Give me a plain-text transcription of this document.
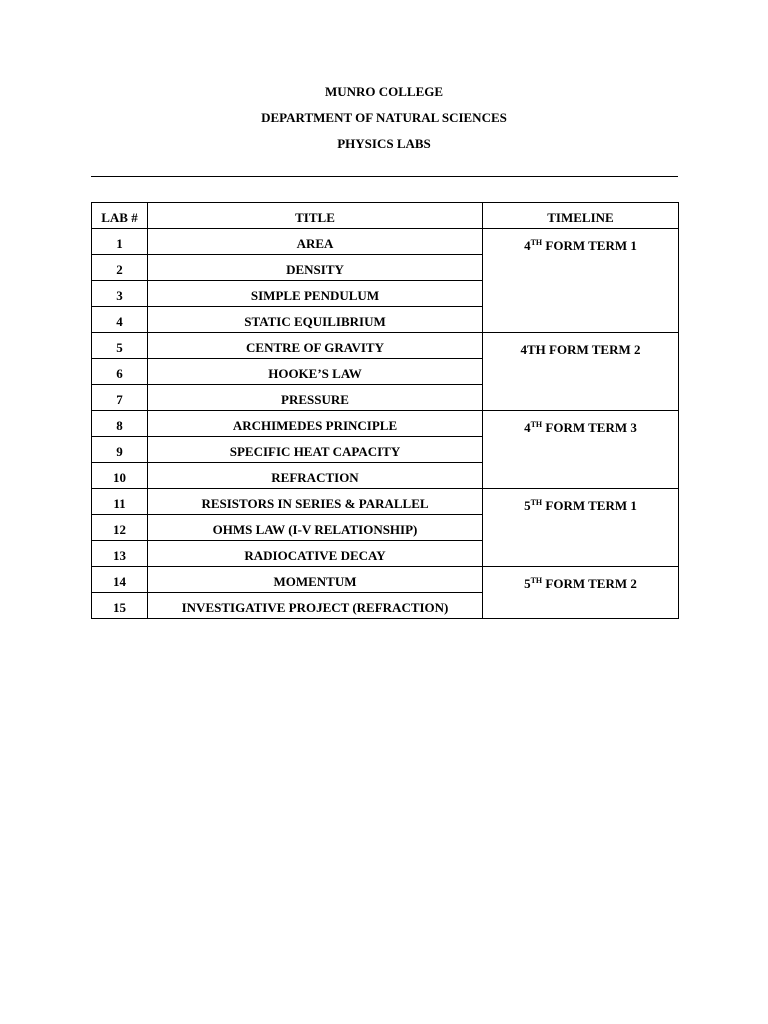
MUNRO COLLEGE
DEPARTMENT OF NATURAL SCIENCES
PHYSICS LABS
LAB #	TITLE	TIMELINE
1	AREA	4TH FORM TERM 1
2	DENSITY	
3	SIMPLE PENDULUM	
4	STATIC EQUILIBRIUM	
5	CENTRE OF GRAVITY	4TH FORM TERM 2
6	HOOKE’S LAW	
7	PRESSURE	
8	ARCHIMEDES PRINCIPLE	4TH FORM TERM 3
9	SPECIFIC HEAT CAPACITY	
10	REFRACTION	
11	RESISTORS IN SERIES & PARALLEL	5TH FORM TERM 1
12	OHMS LAW (I-V RELATIONSHIP)	
13	RADIOCATIVE DECAY	
14	MOMENTUM	5TH FORM TERM 2
15	INVESTIGATIVE PROJECT (REFRACTION)	
